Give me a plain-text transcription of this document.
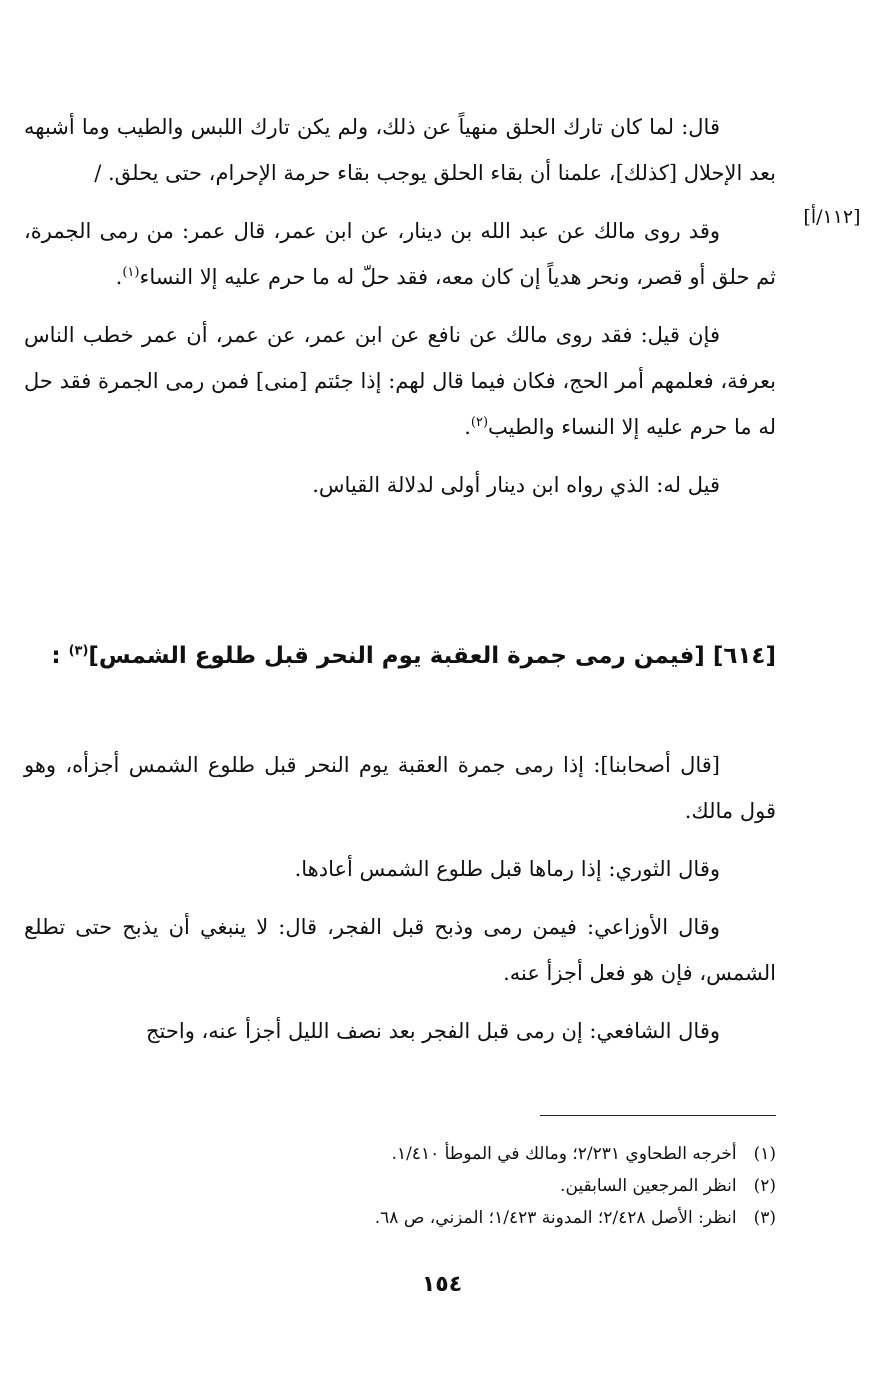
[١١٢/أ]

قال: لما كان تارك الحلق منهياً عن ذلك، ولم يكن تارك اللبس والطيب وما أشبهه بعد الإحلال [كذلك]، علمنا أن بقاء الحلق يوجب بقاء حرمة الإحرام، حتى يحلق. /

وقد روى مالك عن عبد الله بن دينار، عن ابن عمر، قال عمر: من رمى الجمرة، ثم حلق أو قصر، ونحر هدياً إن كان معه، فقد حلّ له ما حرم عليه إلا النساء$^{(١)}$.

فإن قيل: فقد روى مالك عن نافع عن ابن عمر، عن عمر، أن عمر خطب الناس بعرفة، فعلمهم أمر الحج، فكان فيما قال لهم: إذا جئتم [منى] فمن رمى الجمرة فقد حل له ما حرم عليه إلا النساء والطيب$^{(٢)}$.

قيل له: الذي رواه ابن دينار أولى لدلالة القياس.

[٦١٤] [فيمن رمى جمرة العقبة يوم النحر قبل طلوع الشمس]$^{(٣)}$ :

[قال أصحابنا]: إذا رمى جمرة العقبة يوم النحر قبل طلوع الشمس أجزأه، وهو قول مالك.

وقال الثوري: إذا رماها قبل طلوع الشمس أعادها.

وقال الأوزاعي: فيمن رمى وذبح قبل الفجر، قال: لا ينبغي أن يذبح حتى تطلع الشمس، فإن هو فعل أجزأ عنه.

وقال الشافعي: إن رمى قبل الفجر بعد نصف الليل أجزأ عنه، واحتج

(١) أخرجه الطحاوي ٢/٢٣١؛ ومالك في الموطأ ١/٤١٠.

(٢) انظر المرجعين السابقين.

(٣) انظر: الأصل ٢/٤٢٨؛ المدونة ١/٤٢٣؛ المزني، ص ٦٨.

١٥٤
